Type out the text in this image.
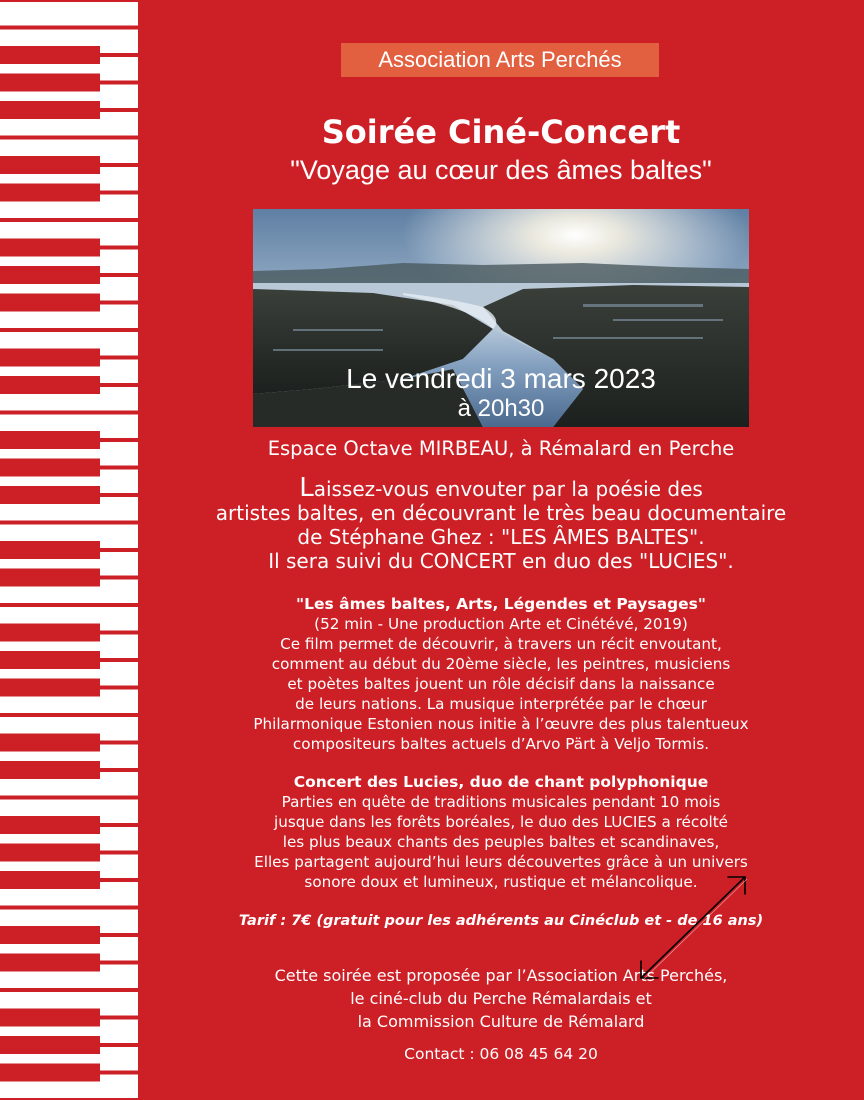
Association Arts Perchés
Soirée Ciné-Concert
"Voyage au cœur des âmes baltes"
Le vendredi 3 mars 2023
à 20h30
Espace Octave MIRBEAU, à Rémalard en Perche
Laissez-vous envouter par la poésie des
artistes baltes, en découvrant le très beau documentaire
de Stéphane Ghez : "LES ÂMES BALTES".
Il sera suivi du CONCERT en duo des "LUCIES".
"Les âmes baltes, Arts, Légendes et Paysages"
(52 min - Une production Arte et Cinétévé, 2019)
Ce film permet de découvrir, à travers un récit envoutant,
comment au début du 20ème siècle, les peintres, musiciens
et poètes baltes jouent un rôle décisif dans la naissance
de leurs nations. La musique interprétée par le chœur
Philarmonique Estonien nous initie à l’œuvre des plus talentueux
compositeurs baltes actuels d’Arvo Pärt à Veljo Tormis.
Concert des Lucies, duo de chant polyphonique
Parties en quête de traditions musicales pendant 10 mois
jusque dans les forêts boréales, le duo des LUCIES a récolté
les plus beaux chants des peuples baltes et scandinaves,
Elles partagent aujourd’hui leurs découvertes grâce à un univers
sonore doux et lumineux, rustique et mélancolique.
Tarif : 7€ (gratuit pour les adhérents au Cinéclub et - de 16 ans)
Cette soirée est proposée par l’Association Arts Perchés,
le ciné-club du Perche Rémalardais et
la Commission Culture de Rémalard
Contact : 06 08 45 64 20
